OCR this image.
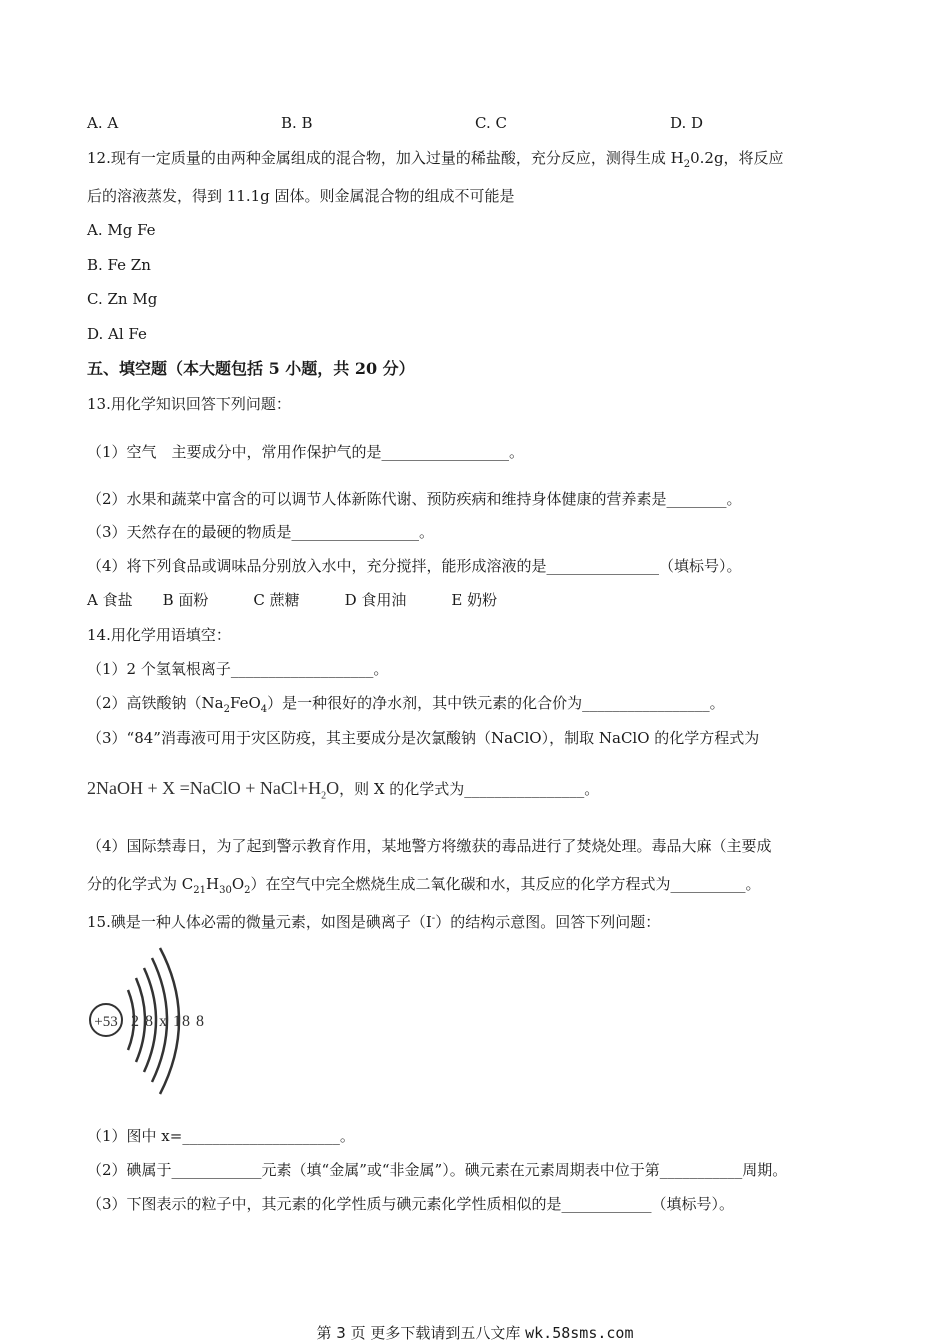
A. A	B. B	C. C	D. D
12.现有一定质量的由两种金属组成的混合物，加入过量的稀盐酸，充分反应，测得生成 $H_20.2g$，将反应
后的溶液蒸发，得到 11.1g 固体。则金属混合物的组成不可能是
A. Mg Fe
B. Fe Zn
C. Zn Mg
D. Al Fe
五、填空题（本大题包括 5 小题，共 20 分）
13.用化学知识回答下列问题：
（1）空气　主要成分中，常用作保护气的是_________________。
（2）水果和蔬菜中富含的可以调节人体新陈代谢、预防疾病和维持身体健康的营养素是________。
（3）天然存在的最硬的物质是_________________。
（4）将下列食品或调味品分别放入水中，充分搅拌，能形成溶液的是_______________（填标号）。
A 食盐　　B 面粉　　　C 蔗糖　　　D 食用油　　　E 奶粉
14.用化学用语填空：
（1）2 个氢氧根离子___________________。
（2）高铁酸钠$(Na_2FeO_4)$是一种很好的净水剂，其中铁元素的化合价为_________________。
（3）“84”消毒液可用于灾区防疫，其主要成分是次氯酸钠（NaClO），制取 NaClO 的化学方程式为
2NaOH + X =NaClO + $NaCl+H_2O$，则 X 的化学式为________________。
（4）国际禁毒日，为了起到警示教育作用，某地警方将缴获的毒品进行了焚烧处理。毒品大麻（主要成
分的化学式为 $C_{21}H_{30}O_2$）在空气中完全燃烧生成二氧化碳和水，其反应的化学方程式为__________。
15.碘是一种人体必需的微量元素，如图是碘离子（I-）的结构示意图。回答下列问题：
+53 2 8 x 18 8
（1）图中 x=_____________________。
（2）碘属于____________元素（填“金属”或“非金属”）。碘元素在元素周期表中位于第___________周期。
（3）下图表示的粒子中，其元素的化学性质与碘元素化学性质相似的是____________（填标号）。
第 3 页 更多下载请到五八文库 wk.58sms.com
